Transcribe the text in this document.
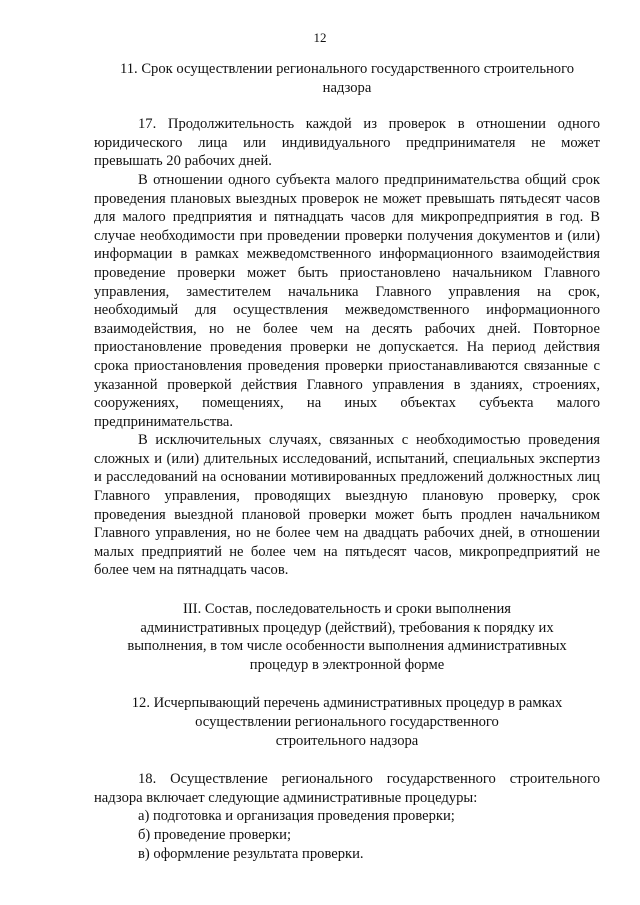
12
11. Срок осуществлении регионального государственного строительного
надзора

17. Продолжительность каждой из проверок в отношении одного юридического лица или индивидуального предпринимателя не может превышать 20 рабочих дней.

В отношении одного субъекта малого предпринимательства общий срок проведения плановых выездных проверок не может превышать пятьдесят часов для малого предприятия и пятнадцать часов для микропредприятия в год. В случае необходимости при проведении проверки получения документов и (или) информации в рамках межведомственного информационного взаимодействия проведение проверки может быть приостановлено начальником Главного управления, заместителем начальника Главного управления на срок, необходимый для осуществления межведомственного информационного взаимодействия, но не более чем на десять рабочих дней. Повторное приостановление проведения проверки не допускается. На период действия срока приостановления проведения проверки приостанавливаются связанные с указанной проверкой действия Главного управления в зданиях, строениях, сооружениях, помещениях, на иных объектах субъекта малого предпринимательства.

В исключительных случаях, связанных с необходимостью проведения сложных и (или) длительных исследований, испытаний, специальных экспертиз и расследований на основании мотивированных предложений должностных лиц Главного управления, проводящих выездную плановую проверку, срок проведения выездной плановой проверки может быть продлен начальником Главного управления, но не более чем на двадцать рабочих дней, в отношении малых предприятий не более чем на пятьдесят часов, микропредприятий не более чем на пятнадцать часов.

III. Состав, последовательность и сроки выполнения
административных процедур (действий), требования к порядку их
выполнения, в том числе особенности выполнения административных
процедур в электронной форме
12. Исчерпывающий перечень административных процедур в рамках
осуществлении регионального государственного
строительного надзора

18. Осуществление регионального государственного строительного надзора включает следующие административные процедуры:

а) подготовка и организация проведения проверки;

б) проведение проверки;

в) оформление результата проверки.
